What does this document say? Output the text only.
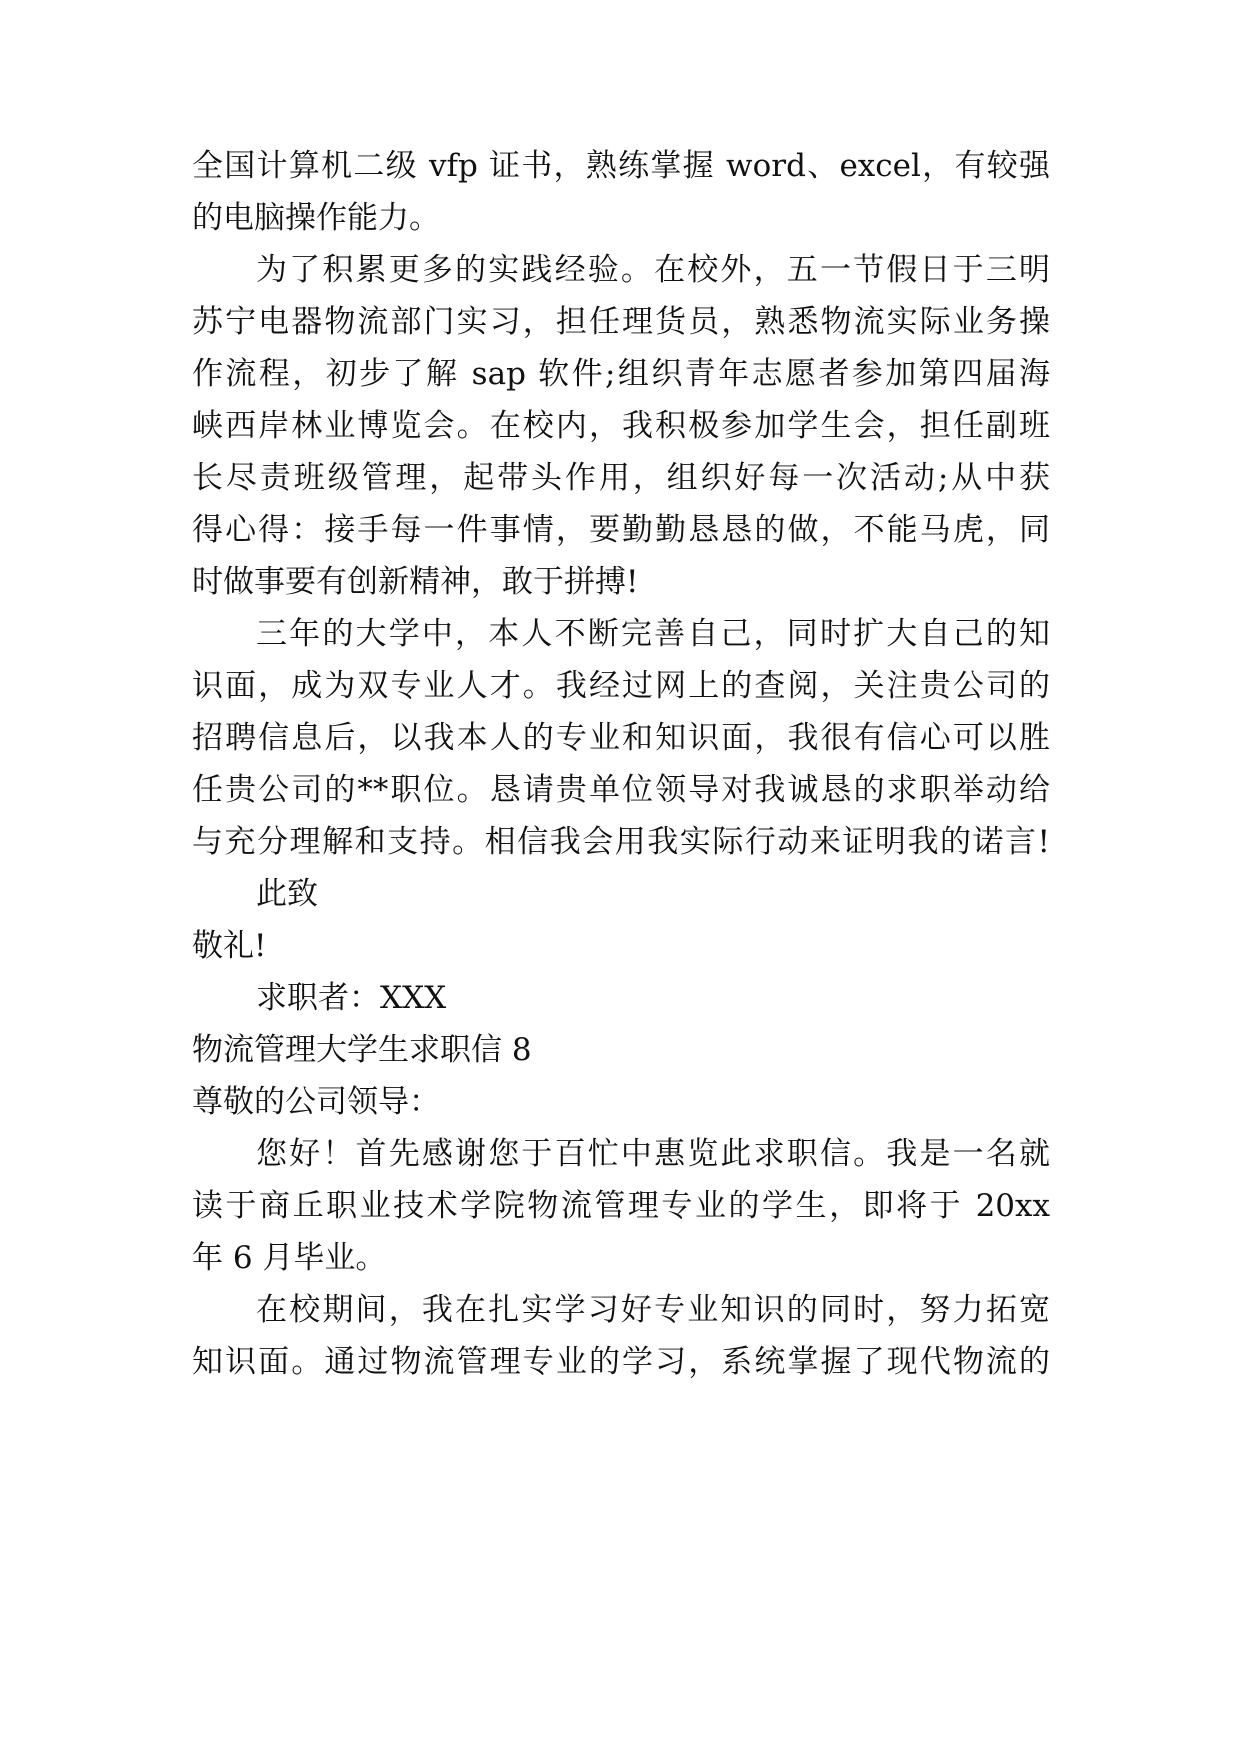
全国计算机二级 vfp 证书，熟练掌握 word、excel，有较强
的电脑操作能力。
为了积累更多的实践经验。在校外，五一节假日于三明
苏宁电器物流部门实习，担任理货员，熟悉物流实际业务操
作流程，初步了解 sap 软件;组织青年志愿者参加第四届海
峡西岸林业博览会。在校内，我积极参加学生会，担任副班
长尽责班级管理，起带头作用，组织好每一次活动;从中获
得心得：接手每一件事情，要勤勤恳恳的做，不能马虎，同
时做事要有创新精神，敢于拼搏!
三年的大学中，本人不断完善自己，同时扩大自己的知
识面，成为双专业人才。我经过网上的查阅，关注贵公司的
招聘信息后，以我本人的专业和知识面，我很有信心可以胜
任贵公司的**职位。恳请贵单位领导对我诚恳的求职举动给
与充分理解和支持。相信我会用我实际行动来证明我的诺言!
此致
敬礼!
求职者：XXX
物流管理大学生求职信 8
尊敬的公司领导：
您好！首先感谢您于百忙中惠览此求职信。我是一名就
读于商丘职业技术学院物流管理专业的学生，即将于 20xx
年 6 月毕业。
在校期间，我在扎实学习好专业知识的同时，努力拓宽
知识面。通过物流管理专业的学习，系统掌握了现代物流的
